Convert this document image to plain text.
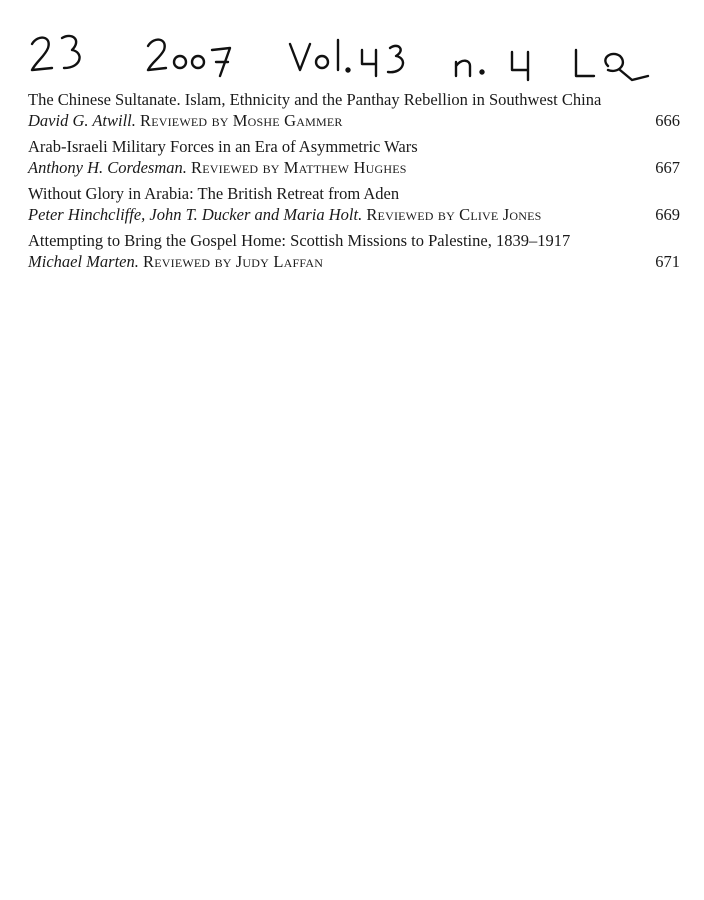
The Chinese Sultanate. Islam, Ethnicity and the Panthay Rebellion in Southwest China
David G. Atwill. Reviewed by Moshe Gammer	666
Arab-Israeli Military Forces in an Era of Asymmetric Wars
Anthony H. Cordesman. Reviewed by Matthew Hughes	667
Without Glory in Arabia: The British Retreat from Aden
Peter Hinchcliffe, John T. Ducker and Maria Holt. Reviewed by Clive Jones	669
Attempting to Bring the Gospel Home: Scottish Missions to Palestine, 1839–1917
Michael Marten. Reviewed by Judy Laffan	671
